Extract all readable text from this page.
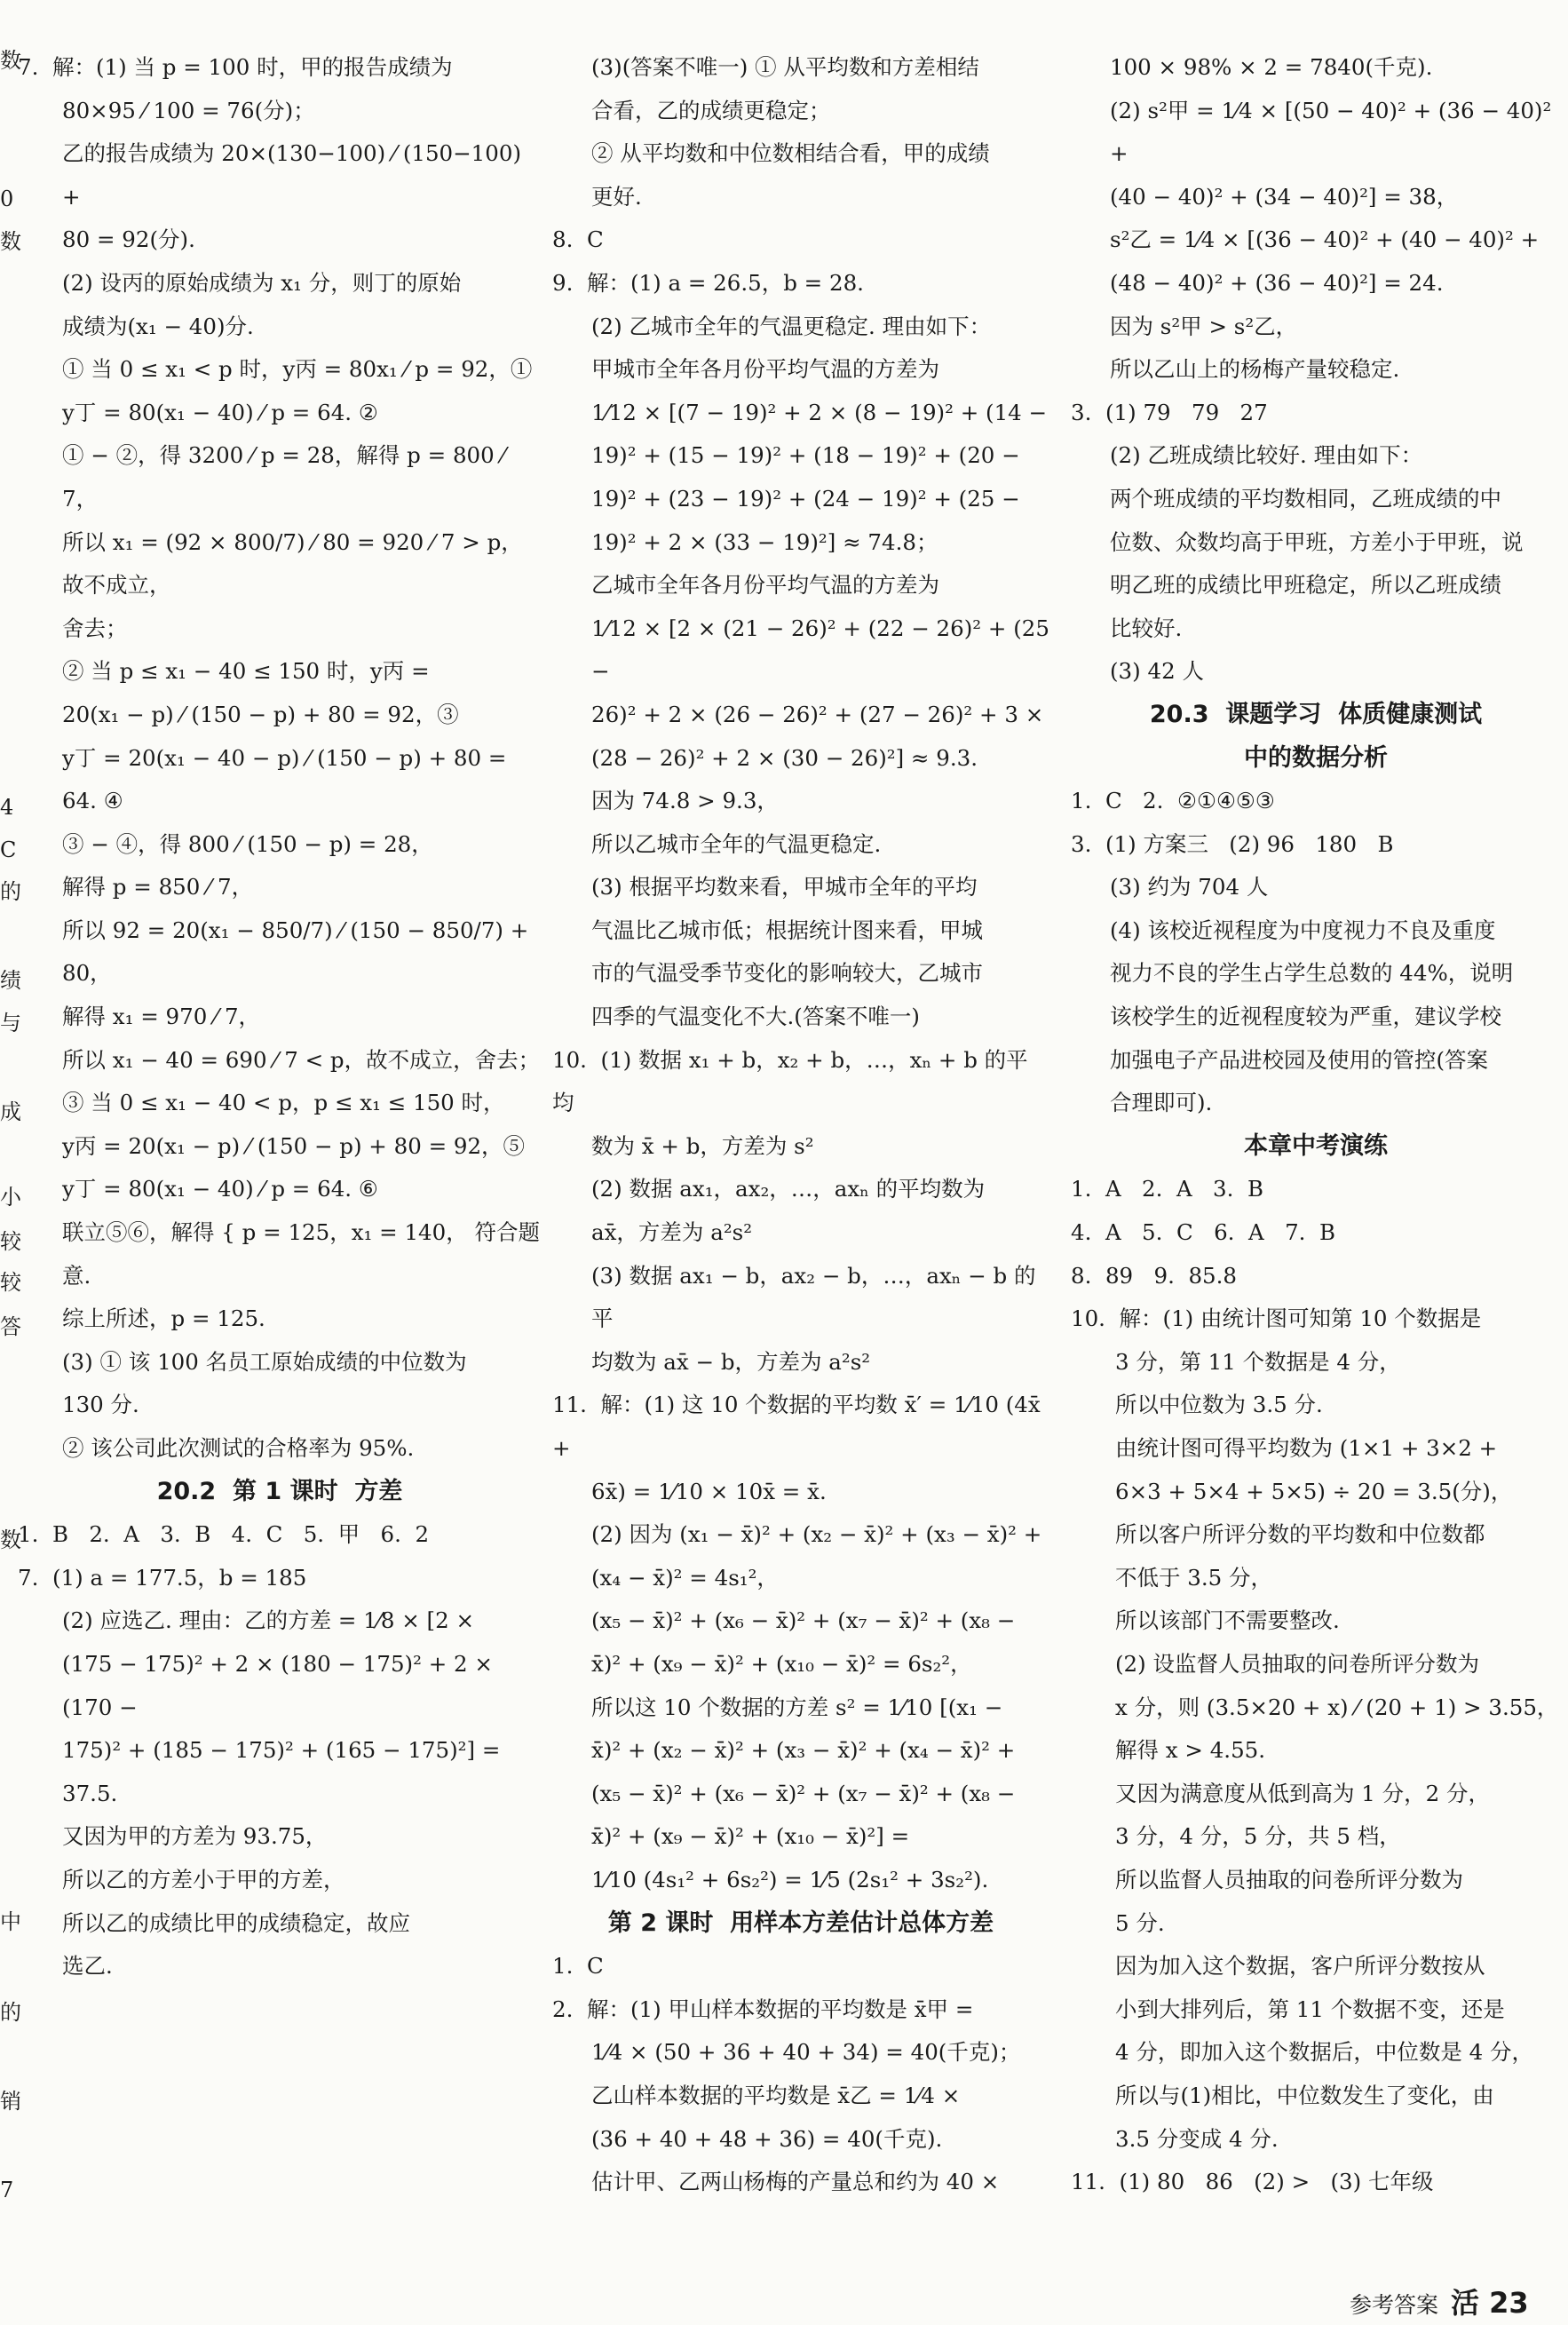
数
0
数
4
C
的
绩
与
成
小
较
较
答
数
中
的
销
7

7.  解：(1) 当 p = 100 时，甲的报告成绩为

80×95 ⁄ 100 = 76(分)；

乙的报告成绩为 20×(130−100) ⁄ (150−100) +

80 = 92(分).

(2) 设丙的原始成绩为 x₁ 分，则丁的原始

成绩为(x₁ − 40)分.

① 当 0 ≤ x₁ < p 时，y丙 = 80x₁ ⁄ p = 92，①

y丁 = 80(x₁ − 40) ⁄ p = 64. ②

① − ②，得 3200 ⁄ p = 28，解得 p = 800 ⁄ 7，

所以 x₁ = (92 × 800/7) ⁄ 80 = 920 ⁄ 7 > p，故不成立，

舍去；

② 当 p ≤ x₁ − 40 ≤ 150 时，y丙 =

20(x₁ − p) ⁄ (150 − p) + 80 = 92，③

y丁 = 20(x₁ − 40 − p) ⁄ (150 − p) + 80 = 64. ④

③ − ④，得 800 ⁄ (150 − p) = 28，

解得 p = 850 ⁄ 7，

所以 92 = 20(x₁ − 850/7) ⁄ (150 − 850/7) + 80，

解得 x₁ = 970 ⁄ 7，

所以 x₁ − 40 = 690 ⁄ 7 < p，故不成立，舍去；

③ 当 0 ≤ x₁ − 40 < p，p ≤ x₁ ≤ 150 时，

y丙 = 20(x₁ − p) ⁄ (150 − p) + 80 = 92，⑤

y丁 = 80(x₁ − 40) ⁄ p = 64. ⑥

联立⑤⑥，解得 { p = 125，x₁ = 140， 符合题意.

综上所述，p = 125.

(3) ① 该 100 名员工原始成绩的中位数为

130 分.

② 该公司此次测试的合格率为 95%.

20.2  第 1 课时  方差

1.  B   2.  A   3.  B   4.  C   5.  甲   6.  2

7.  (1) a = 177.5，b = 185

(2) 应选乙. 理由：乙的方差 = 1⁄8 × [2 ×

(175 − 175)² + 2 × (180 − 175)² + 2 × (170 −

175)² + (185 − 175)² + (165 − 175)²] =

37.5.

又因为甲的方差为 93.75，

所以乙的方差小于甲的方差，

所以乙的成绩比甲的成绩稳定，故应

选乙.

(3)(答案不唯一) ① 从平均数和方差相结

合看，乙的成绩更稳定；

② 从平均数和中位数相结合看，甲的成绩

更好.

8.  C

9.  解：(1) a = 26.5，b = 28.

(2) 乙城市全年的气温更稳定. 理由如下：

甲城市全年各月份平均气温的方差为

1⁄12 × [(7 − 19)² + 2 × (8 − 19)² + (14 −

19)² + (15 − 19)² + (18 − 19)² + (20 −

19)² + (23 − 19)² + (24 − 19)² + (25 −

19)² + 2 × (33 − 19)²] ≈ 74.8；

乙城市全年各月份平均气温的方差为

1⁄12 × [2 × (21 − 26)² + (22 − 26)² + (25 −

26)² + 2 × (26 − 26)² + (27 − 26)² + 3 ×

(28 − 26)² + 2 × (30 − 26)²] ≈ 9.3.

因为 74.8 > 9.3，

所以乙城市全年的气温更稳定.

(3) 根据平均数来看，甲城市全年的平均

气温比乙城市低；根据统计图来看，甲城

市的气温受季节变化的影响较大，乙城市

四季的气温变化不大.(答案不唯一)

10.  (1) 数据 x₁ + b，x₂ + b，…，xₙ + b 的平均

数为 x̄ + b，方差为 s²

(2) 数据 ax₁，ax₂，…，axₙ 的平均数为

ax̄，方差为 a²s²

(3) 数据 ax₁ − b，ax₂ − b，…，axₙ − b 的平

均数为 ax̄ − b，方差为 a²s²

11.  解：(1) 这 10 个数据的平均数 x̄′ = 1⁄10 (4x̄ +

6x̄) = 1⁄10 × 10x̄ = x̄.

(2) 因为 (x₁ − x̄)² + (x₂ − x̄)² + (x₃ − x̄)² +

(x₄ − x̄)² = 4s₁²，

(x₅ − x̄)² + (x₆ − x̄)² + (x₇ − x̄)² + (x₈ −

x̄)² + (x₉ − x̄)² + (x₁₀ − x̄)² = 6s₂²，

所以这 10 个数据的方差 s² = 1⁄10 [(x₁ −

x̄)² + (x₂ − x̄)² + (x₃ − x̄)² + (x₄ − x̄)² +

(x₅ − x̄)² + (x₆ − x̄)² + (x₇ − x̄)² + (x₈ −

x̄)² + (x₉ − x̄)² + (x₁₀ − x̄)²] =

1⁄10 (4s₁² + 6s₂²) = 1⁄5 (2s₁² + 3s₂²).

第 2 课时  用样本方差估计总体方差

1.  C

2.  解：(1) 甲山样本数据的平均数是 x̄甲 =

1⁄4 × (50 + 36 + 40 + 34) = 40(千克)；

乙山样本数据的平均数是 x̄乙 = 1⁄4 ×

(36 + 40 + 48 + 36) = 40(千克).

估计甲、乙两山杨梅的产量总和约为 40 ×

100 × 98% × 2 = 7840(千克).

(2) s²甲 = 1⁄4 × [(50 − 40)² + (36 − 40)² +

(40 − 40)² + (34 − 40)²] = 38，

s²乙 = 1⁄4 × [(36 − 40)² + (40 − 40)² +

(48 − 40)² + (36 − 40)²] = 24.

因为 s²甲 > s²乙，

所以乙山上的杨梅产量较稳定.

3.  (1) 79   79   27

(2) 乙班成绩比较好. 理由如下：

两个班成绩的平均数相同，乙班成绩的中

位数、众数均高于甲班，方差小于甲班，说

明乙班的成绩比甲班稳定，所以乙班成绩

比较好.

(3) 42 人

20.3  课题学习  体质健康测试

中的数据分析

1.  C   2.  ②①④⑤③

3.  (1) 方案三   (2) 96   180   B

(3) 约为 704 人

(4) 该校近视程度为中度视力不良及重度

视力不良的学生占学生总数的 44%，说明

该校学生的近视程度较为严重，建议学校

加强电子产品进校园及使用的管控(答案

合理即可).

本章中考演练

1.  A   2.  A   3.  B

4.  A   5.  C   6.  A   7.  B

8.  89   9.  85.8

10.  解：(1) 由统计图可知第 10 个数据是

3 分，第 11 个数据是 4 分，

所以中位数为 3.5 分.

由统计图可得平均数为 (1×1 + 3×2 +

6×3 + 5×4 + 5×5) ÷ 20 = 3.5(分)，

所以客户所评分数的平均数和中位数都

不低于 3.5 分，

所以该部门不需要整改.

(2) 设监督人员抽取的问卷所评分数为

x 分，则 (3.5×20 + x) ⁄ (20 + 1) > 3.55，

解得 x > 4.55.

又因为满意度从低到高为 1 分，2 分，

3 分，4 分，5 分，共 5 档，

所以监督人员抽取的问卷所评分数为

5 分.

因为加入这个数据，客户所评分数按从

小到大排列后，第 11 个数据不变，还是

4 分，即加入这个数据后，中位数是 4 分，

所以与(1)相比，中位数发生了变化，由

3.5 分变成 4 分.

11.  (1) 80   86   (2) >   (3) 七年级

参考答案 活 23
